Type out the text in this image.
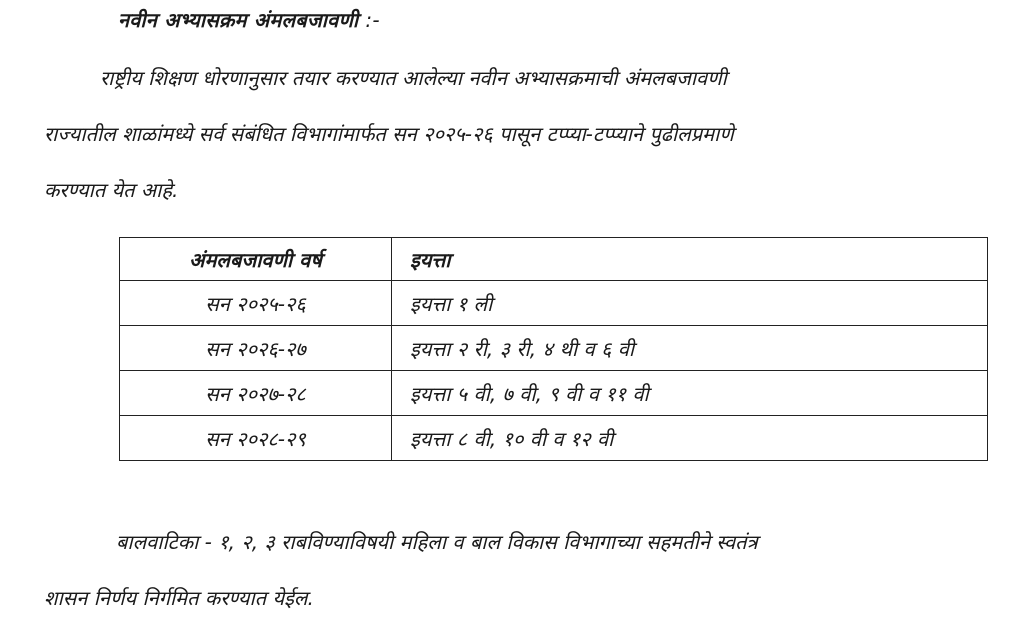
नवीन अभ्यासक्रम अंमलबजावणी :-
राष्ट्रीय शिक्षण धोरणानुसार तयार करण्यात आलेल्या नवीन अभ्यासक्रमाची अंमलबजावणी
राज्यातील शाळांमध्ये सर्व संबंधित विभागांमार्फत सन २०२५-२६ पासून टप्प्या-टप्प्याने पुढीलप्रमाणे
करण्यात येत आहे.
अंमलबजावणी वर्ष	इयत्ता
सन २०२५-२६	इयत्ता १ ली
सन २०२६-२७	इयत्ता २ री, ३ री, ४ थी व ६ वी
सन २०२७-२८	इयत्ता ५ वी, ७ वी, ९ वी व ११ वी
सन २०२८-२९	इयत्ता ८ वी, १० वी व १२ वी
बालवाटिका - १, २, ३ राबविण्याविषयी महिला व बाल विकास विभागाच्या सहमतीने स्वतंत्र
शासन निर्णय निर्गमित करण्यात येईल.
